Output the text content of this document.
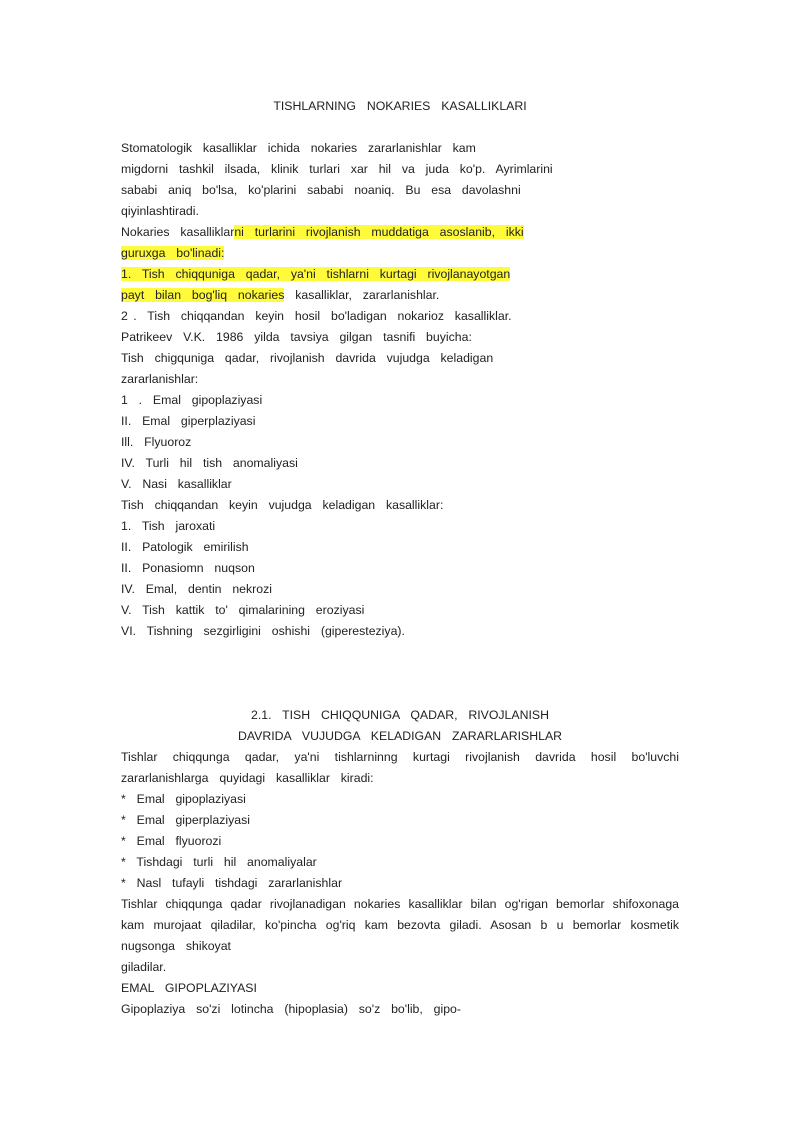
TISHLARNING  NOKARIES  KASALLIKLARI
Stomatologik  kasalliklar  ichida  nokaries  zararlanishlar  kam
migdorni  tashkil  ilsada,  klinik  turlari  xar  hil  va  juda  ko'p.  Ayrimlarini
sababi  aniq  bo'lsa,  ko'plarini  sababi  noaniq.  Bu  esa  davolashni
qiyinlashtiradi.
Nokaries  kasalliklarni  turlarini  rivojlanish  muddatiga  asoslanib,  ikki
guruxga  bo'linadi:
1.  Tish  chiqquniga  qadar,  ya'ni  tishlarni  kurtagi  rivojlanayotgan
payt  bilan  bog'liq  nokaries  kasalliklar,  zararlanishlar.
2 .  Tish  chiqqandan  keyin  hosil  bo'ladigan  nokarioz  kasalliklar.
Patrikeev  V.K.  1986  yilda  tavsiya  gilgan  tasnifi  buyicha:
Tish  chigquniga  qadar,  rivojlanish  davrida  vujudga  keladigan
zararlanishlar:
1  .  Emal  gipoplaziyasi
II.  Emal  giperplaziyasi
Ill.  Flyuoroz
IV.  Turli  hil  tish  anomaliyasi
V.  Nasi  kasalliklar
Tish  chiqqandan  keyin  vujudga  keladigan  kasalliklar:
1.  Tish  jaroxati
II.  Patologik  emirilish
II.  Ponasiomn  nuqson
IV.  Emal,  dentin  nekrozi
V.  Tish  kattik  to'  qimalarining  eroziyasi
VI.  Tishning  sezgirligini  oshishi  (giperesteziya).
2.1.  TISH  CHIQQUNIGA  QADAR,  RIVOJLANISH
DAVRIDA  VUJUDGA  KELADIGAN  ZARARLARISHLAR
Tishlar chiqqunga qadar, ya'ni tishlarninng kurtagi rivojlanish davrida hosil bo'luvchi
zararlanishlarga  quyidagi  kasalliklar  kiradi:
*  Emal  gipoplaziyasi
*  Emal  giperplaziyasi
*  Emal  flyuorozi
*  Tishdagi  turli  hil  anomaliyalar
*  Nasl  tufayli  tishdagi  zararlanishlar
Tishlar chiqqunga qadar rivojlanadigan nokaries kasalliklar bilan og'rigan bemorlar shifoxonaga
kam murojaat qiladilar, ko'pincha og'riq kam bezovta giladi. Asosan b u bemorlar kosmetik
nugsonga  shikoyat
giladilar.
EMAL  GIPOPLAZIYASI
Gipoplaziya  so'zi  lotincha  (hipoplasia)  so'z  bo'lib,  gipo-
